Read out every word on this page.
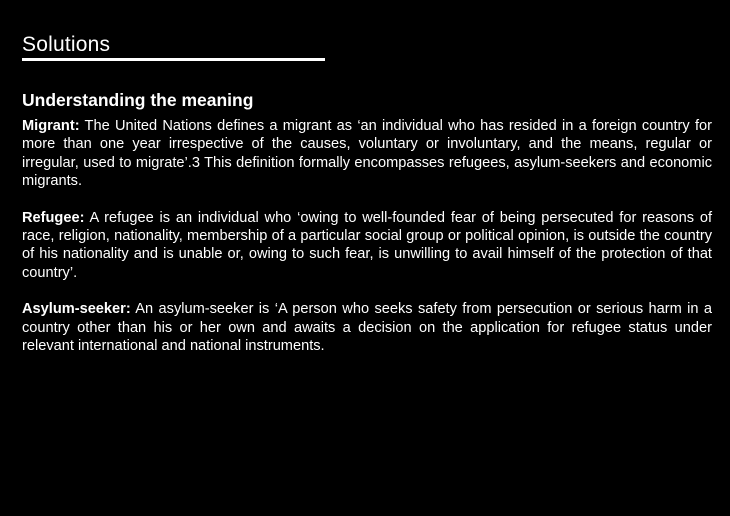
Solutions
Understanding the meaning

Migrant: The United Nations defines a migrant as ‘an individual who has resided in a foreign country for more than one year irrespective of the causes, voluntary or involuntary, and the means, regular or irregular, used to migrate’.3 This definition formally encompasses refugees, asylum-seekers and economic migrants.

Refugee: A refugee is an individual who ‘owing to well-founded fear of being persecuted for reasons of race, religion, nationality, membership of a particular social group or political opinion, is outside the country of his nationality and is unable or, owing to such fear, is unwilling to avail himself of the protection of that country’.

Asylum-seeker: An asylum-seeker is ‘A person who seeks safety from persecution or serious harm in a country other than his or her own and awaits a decision on the application for refugee status under relevant international and national instruments.
